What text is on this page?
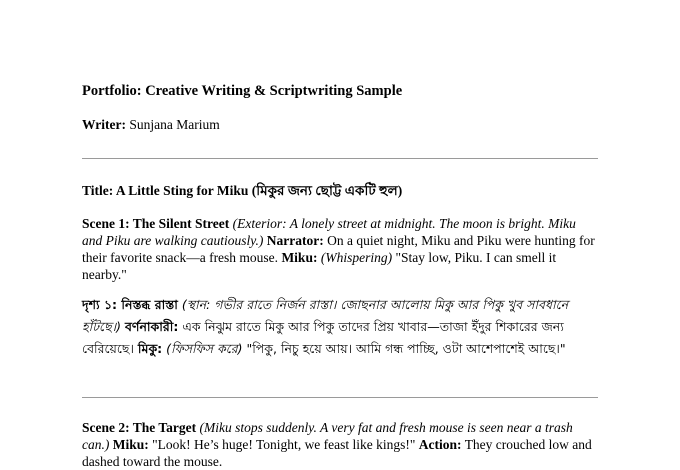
Portfolio: Creative Writing & Scriptwriting Sample
Writer: Sunjana Marium
Title: A Little Sting for Miku (মিকুর জন্য ছোট্ট একটি হুল)
Scene 1: The Silent Street (Exterior: A lonely street at midnight. The moon is bright. Miku and Piku are walking cautiously.) Narrator: On a quiet night, Miku and Piku were hunting for their favorite snack—a fresh mouse. Miku: (Whispering) "Stay low, Piku. I can smell it nearby."
দৃশ্য ১: নিস্তব্ধ রাস্তা (স্থান: গভীর রাতে নির্জন রাস্তা। জোছনার আলোয় মিকু আর পিকু খুব সাবধানে হাঁটছে।) বর্ণনাকারী: এক নিঝুম রাতে মিকু আর পিকু তাদের প্রিয় খাবার—তাজা ইঁদুর শিকারের জন্য বেরিয়েছে। মিকু: (ফিসফিস করে) "পিকু, নিচু হয়ে আয়। আমি গন্ধ পাচ্ছি, ওটা আশেপাশেই আছে।"
Scene 2: The Target (Miku stops suddenly. A very fat and fresh mouse is seen near a trash can.) Miku: "Look! He’s huge! Tonight, we feast like kings!" Action: They crouched low and dashed toward the mouse.
